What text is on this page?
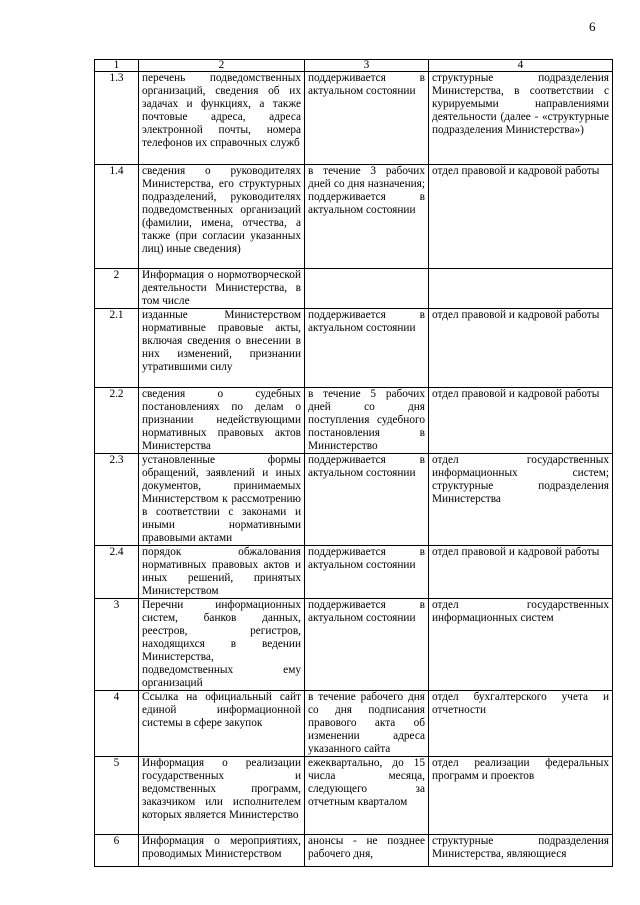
6
1	2	3	4
1.3	перечень подведомственных организаций, сведения об их задачах и функциях, а также почтовые адреса, адреса электронной почты, номера телефонов их справочных служб	поддерживается в актуальном состоянии	структурные подразделения Министерства, в соответствии с курируемыми направлениями деятельности (далее - «структурные подразделения Министерства»)
1.4	сведения о руководителях Министерства, его структурных подразделений, руководителях подведомственных организаций (фамилии, имена, отчества, а также (при согласии указанных лиц) иные сведения)	в течение 3 рабочих дней со дня назначения; поддерживается в актуальном состоянии	отдел правовой и кадровой работы
2	Информация о нормотворческой деятельности Министерства, в том числе		
2.1	изданные Министерством нормативные правовые акты, включая сведения о внесении в них изменений, признании утратившими силу	поддерживается в актуальном состоянии	отдел правовой и кадровой работы
2.2	сведения о судебных постановлениях по делам о признании недействующими нормативных правовых актов Министерства	в течение 5 рабочих дней со дня поступления судебного постановления в Министерство	отдел правовой и кадровой работы
2.3	установленные формы обращений, заявлений и иных документов, принимаемых Министерством к рассмотрению в соответствии с законами и иными нормативными правовыми актами	поддерживается в актуальном состоянии	отдел государственных информационных систем; структурные подразделения Министерства
2.4	порядок обжалования нормативных правовых актов и иных решений, принятых Министерством	поддерживается в актуальном состоянии	отдел правовой и кадровой работы
3	Перечни информационных систем, банков данных, реестров, регистров, находящихся в ведении Министерства, подведомственных ему организаций	поддерживается в актуальном состоянии	отдел государственных информационных систем
4	Ссылка на официальный сайт единой информационной системы в сфере закупок	в течение рабочего дня со дня подписания правового акта об изменении адреса указанного сайта	отдел бухгалтерского учета и отчетности
5	Информация о реализации государственных и ведомственных программ, заказчиком или исполнителем которых является Министерство	ежеквартально, до 15 числа месяца, следующего за отчетным кварталом	отдел реализации федеральных программ и проектов
6	Информация о мероприятиях, проводимых Министерством	анонсы - не позднее рабочего дня,	структурные подразделения Министерства, являющиеся
